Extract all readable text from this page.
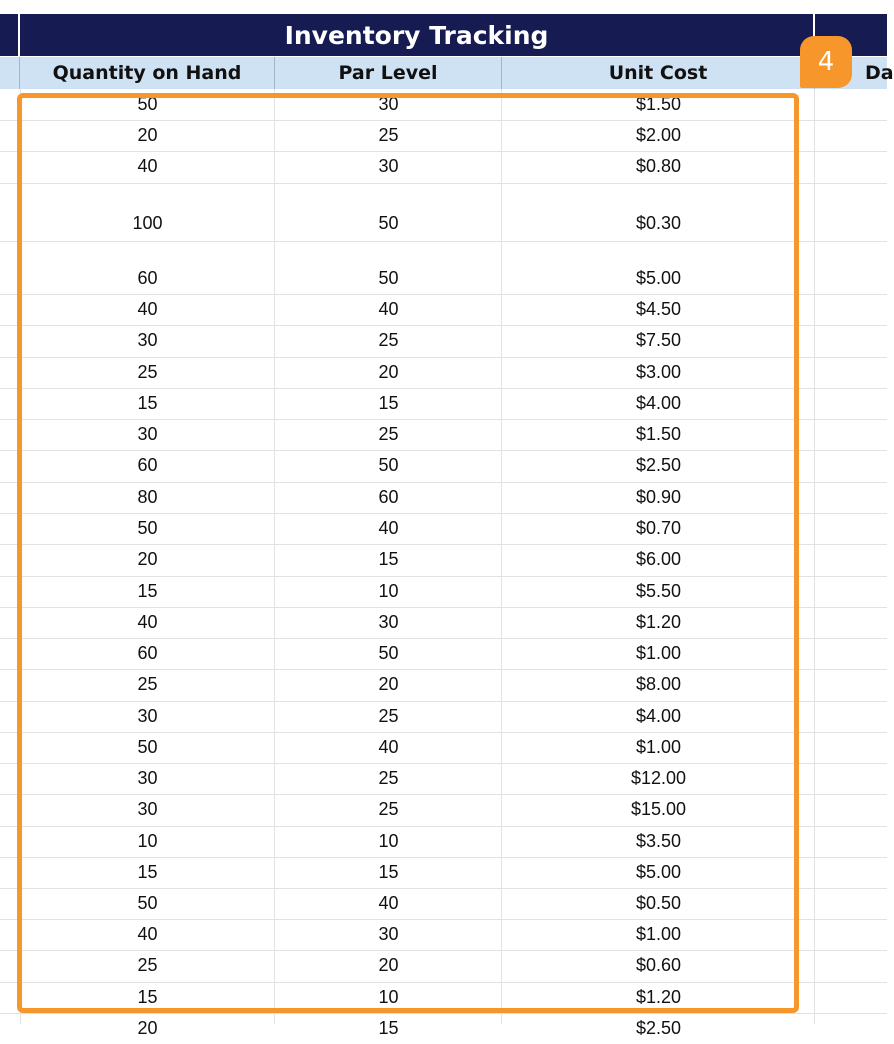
Inventory Tracking
Quantity on Hand	Par Level	Unit Cost	Da
50	30	$1.50
20	25	$2.00
40	30	$0.80
100	50	$0.30
60	50	$5.00
40	40	$4.50
30	25	$7.50
25	20	$3.00
15	15	$4.00
30	25	$1.50
60	50	$2.50
80	60	$0.90
50	40	$0.70
20	15	$6.00
15	10	$5.50
40	30	$1.20
60	50	$1.00
25	20	$8.00
30	25	$4.00
50	40	$1.00
30	25	$12.00
30	25	$15.00
10	10	$3.50
15	15	$5.00
50	40	$0.50
40	30	$1.00
25	20	$0.60
15	10	$1.20
20	15	$2.50
4
